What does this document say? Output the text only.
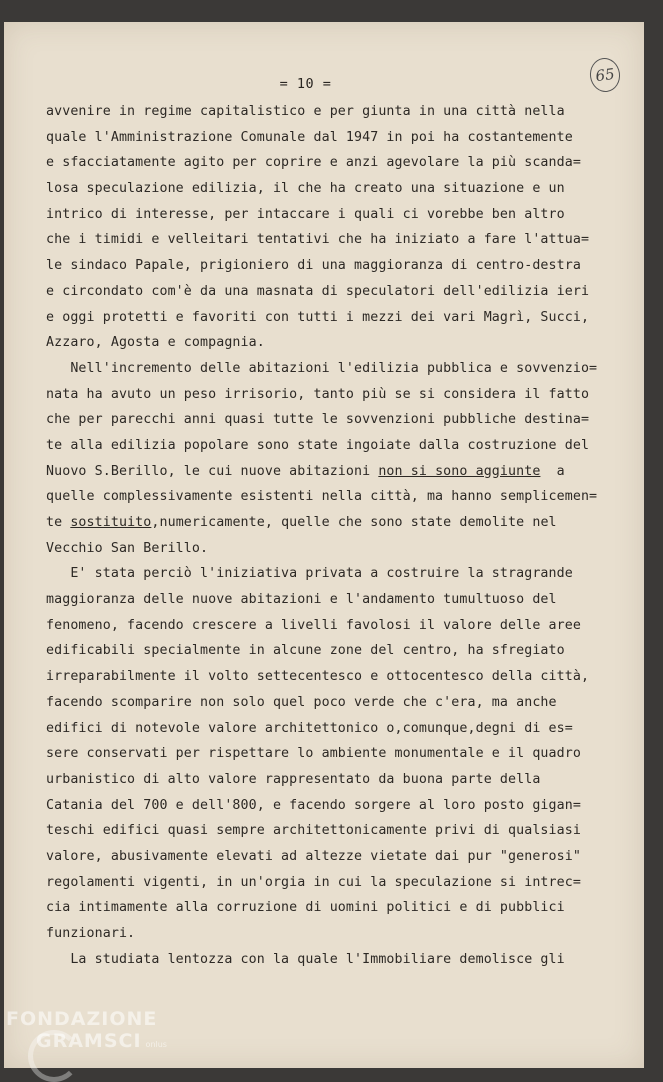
65
= 10 =
avvenire in regime capitalistico e per giunta in una città nella
quale l'Amministrazione Comunale dal 1947 in poi ha costantemente
e sfacciatamente agito per coprire e anzi agevolare la più scanda=
losa speculazione edilizia, il che ha creato una situazione e un
intrico di interesse, per intaccare i quali ci vorebbe ben altro
che i timidi e velleitari tentativi che ha iniziato a fare l'attua=
le sindaco Papale, prigioniero di una maggioranza di centro-destra
e circondato com'è da una masnata di speculatori dell'edilizia ieri
e oggi protetti e favoriti con tutti i mezzi dei vari Magrì, Succi,
Azzaro, Agosta e compagnia.
Nell'incremento delle abitazioni l'edilizia pubblica e sovvenzio=
nata ha avuto un peso irrisorio, tanto più se si considera il fatto
che per parecchi anni quasi tutte le sovvenzioni pubbliche destina=
te alla edilizia popolare sono state ingoiate dalla costruzione del
Nuovo S.Berillo, le cui nuove abitazioni non si sono aggiunte  a
quelle complessivamente esistenti nella città, ma hanno semplicemen=
te sostituito,numericamente, quelle che sono state demolite nel
Vecchio San Berillo.
E' stata perciò l'iniziativa privata a costruire la stragrande
maggioranza delle nuove abitazioni e l'andamento tumultuoso del
fenomeno, facendo crescere a livelli favolosi il valore delle aree
edificabili specialmente in alcune zone del centro, ha sfregiato
irreparabilmente il volto settecentesco e ottocentesco della città,
facendo scomparire non solo quel poco verde che c'era, ma anche
edifici di notevole valore architettonico o,comunque,degni di es=
sere conservati per rispettare lo ambiente monumentale e il quadro
urbanistico di alto valore rappresentato da buona parte della
Catania del 700 e dell'800, e facendo sorgere al loro posto gigan=
teschi edifici quasi sempre architettonicamente privi di qualsiasi
valore, abusivamente elevati ad altezze vietate dai pur "generosi"
regolamenti vigenti, in un'orgia in cui la speculazione si intrec=
cia intimamente alla corruzione di uomini politici e di pubblici
funzionari.
La studiata lentozza con la quale l'Immobiliare demolisce gli
FONDAZIONE
GRAMSCI onlus
